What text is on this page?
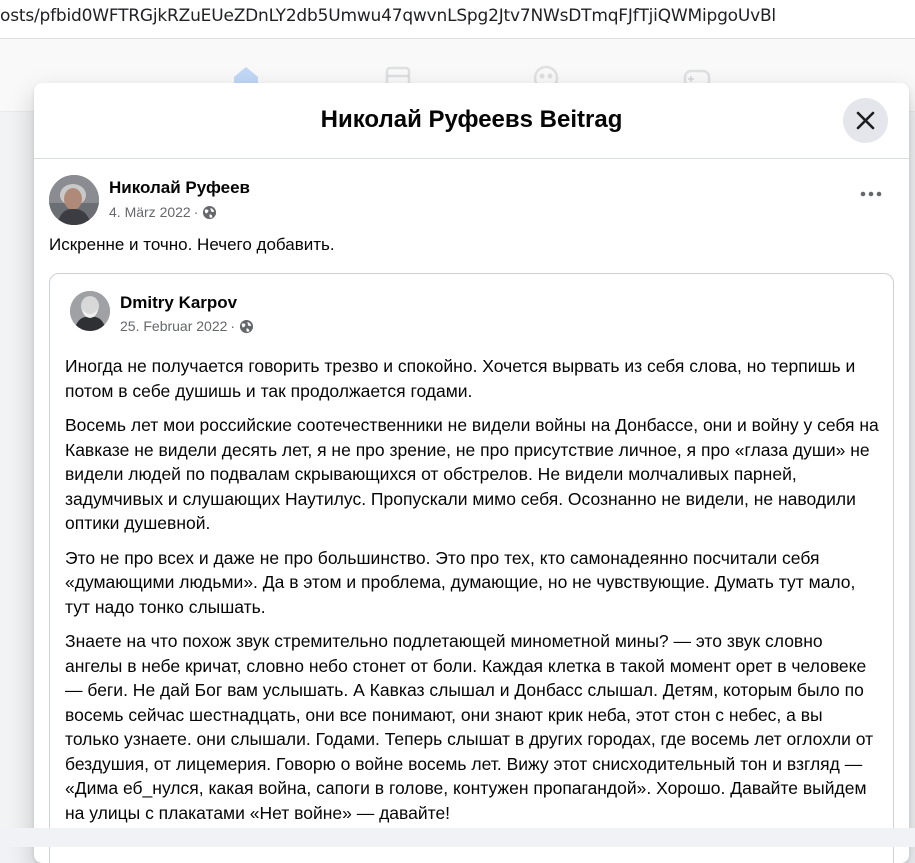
osts/pfbid0WFTRGjkRZuEUeZDnLY2db5Umwu47qwvnLSpg2Jtv7NWsDTmqFJfTjiQWMipgoUvBl
Николай Руфеевs Beitrag
Николай Руфеев
4. März 2022 ·
Искренне и точно. Нечего добавить.
Dmitry Karpov
25. Februar 2022 ·

Иногда не получается говорить трезво и спокойно. Хочется вырвать из себя слова, но терпишь и потом в себе душишь и так продолжается годами.

Восемь лет мои российские соотечественники не видели войны на Донбассе, они и войну у себя на Кавказе не видели десять лет, я не про зрение, не про присутствие личное, я про «глаза души» не видели людей по подвалам скрывающихся от обстрелов. Не видели молчаливых парней, задумчивых и слушающих Наутилус. Пропускали мимо себя. Осознанно не видели, не наводили оптики душевной.

Это не про всех и даже не про большинство. Это про тех, кто самонадеянно посчитали себя «думающими людьми». Да в этом и проблема, думающие, но не чувствующие. Думать тут мало, тут надо тонко слышать.

Знаете на что похож звук стремительно подлетающей минометной мины? — это звук словно ангелы в небе кричат, словно небо стонет от боли. Каждая клетка в такой момент орет в человеке — беги. Не дай Бог вам услышать. А Кавказ слышал и Донбасс слышал. Детям, которым было по восемь сейчас шестнадцать, они все понимают, они знают крик неба, этот стон с небес, а вы только узнаете. они слышали. Годами. Теперь слышат в других городах, где восемь лет оглохли от бездушия, от лицемерия. Говорю о войне восемь лет. Вижу этот снисходительный тон и взгляд — «Дима еб_нулся, какая война, сапоги в голове, контужен пропагандой». Хорошо. Давайте выйдем на улицы с плакатами «Нет войне» — давайте!
